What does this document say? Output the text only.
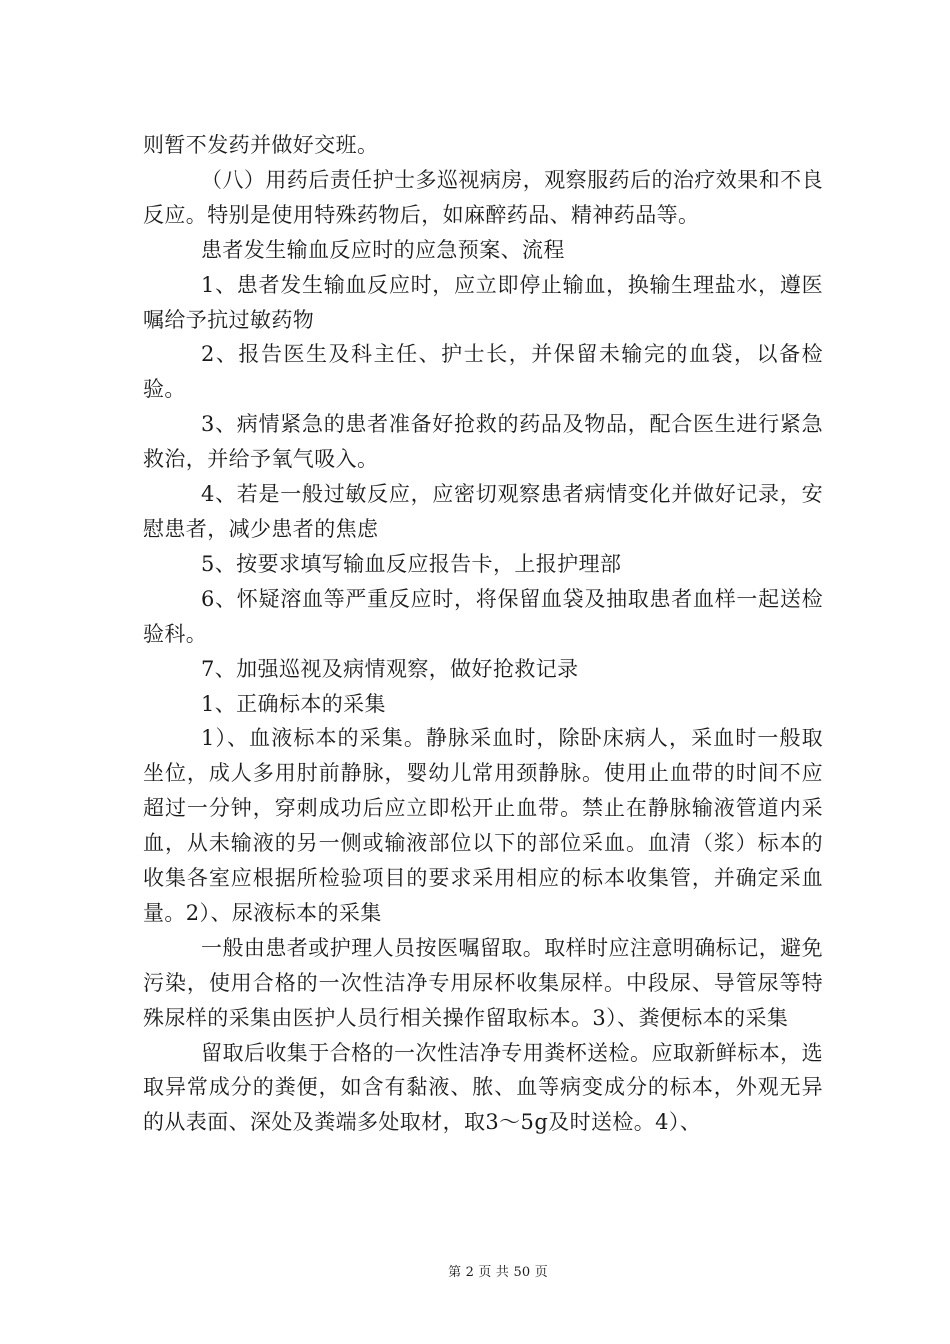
则暂不发药并做好交班。

（八）用药后责任护士多巡视病房，观察服药后的治疗效果和不良反应。特别是使用特殊药物后，如麻醉药品、精神药品等。

患者发生输血反应时的应急预案、流程

1、患者发生输血反应时，应立即停止输血，换输生理盐水，遵医嘱给予抗过敏药物

2、报告医生及科主任、护士长，并保留未输完的血袋，以备检验。

3、病情紧急的患者准备好抢救的药品及物品，配合医生进行紧急救治，并给予氧气吸入。

4、若是一般过敏反应，应密切观察患者病情变化并做好记录，安慰患者，减少患者的焦虑

5、按要求填写输血反应报告卡，上报护理部

6、怀疑溶血等严重反应时，将保留血袋及抽取患者血样一起送检验科。

7、加强巡视及病情观察，做好抢救记录

1、正确标本的采集

1）、血液标本的采集。静脉采血时，除卧床病人，采血时一般取坐位，成人多用肘前静脉，婴幼儿常用颈静脉。使用止血带的时间不应超过一分钟，穿刺成功后应立即松开止血带。禁止在静脉输液管道内采血，从未输液的另一侧或输液部位以下的部位采血。血清（浆）标本的收集各室应根据所检验项目的要求采用相应的标本收集管，并确定采血量。2）、尿液标本的采集

一般由患者或护理人员按医嘱留取。取样时应注意明确标记，避免污染，使用合格的一次性洁净专用尿杯收集尿样。中段尿、导管尿等特殊尿样的采集由医护人员行相关操作留取标本。3）、粪便标本的采集

留取后收集于合格的一次性洁净专用粪杯送检。应取新鲜标本，选取异常成分的粪便，如含有黏液、脓、血等病变成分的标本，外观无异的从表面、深处及粪端多处取材，取3～5g及时送检。4）、

第 2 页 共 50 页
